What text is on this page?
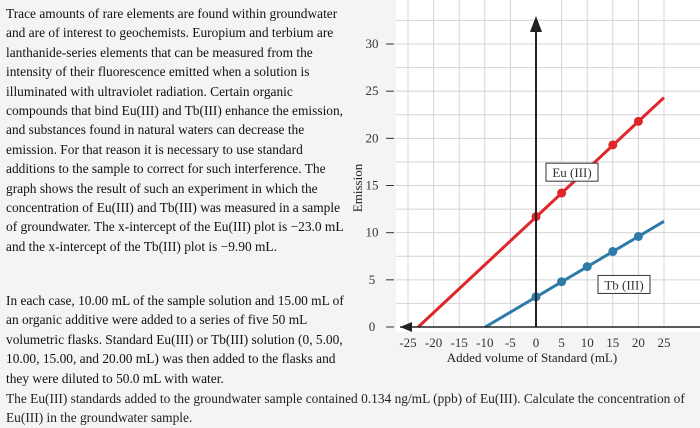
Trace amounts of rare elements are found within groundwater and are of interest to geochemists. Europium and terbium are lanthanide-series elements that can be measured from the intensity of their fluorescence emitted when a solution is illuminated with ultraviolet radiation. Certain organic compounds that bind Eu(III) and Tb(III) enhance the emission, and substances found in natural waters can decrease the emission. For that reason it is necessary to use standard additions to the sample to correct for such interference. The graph shows the result of such an experiment in which the concentration of Eu(III) and Tb(III) was measured in a sample of groundwater. The x-intercept of the Eu(III) plot is −23.0 mL and the x-intercept of the Tb(III) plot is −9.90 mL.
In each case, 10.00 mL of the sample solution and 15.00 mL of an organic additive were added to a series of five 50 mL volumetric flasks. Standard Eu(III) or Tb(III) solution (0, 5.00, 10.00, 15.00, and 20.00 mL) was then added to the flasks and they were diluted to 50.0 mL with water.
The Eu(III) standards added to the groundwater sample contained 0.134 ng/mL (ppb) of Eu(III). Calculate the concentration of Eu(III) in the groundwater sample.
Eu (III)
Tb (III)
0
5
10
15
20
25
30
Emission
-25 -20 -15 -10 -5 0 5 10 15 20 25
Added volume of Standard (mL)
